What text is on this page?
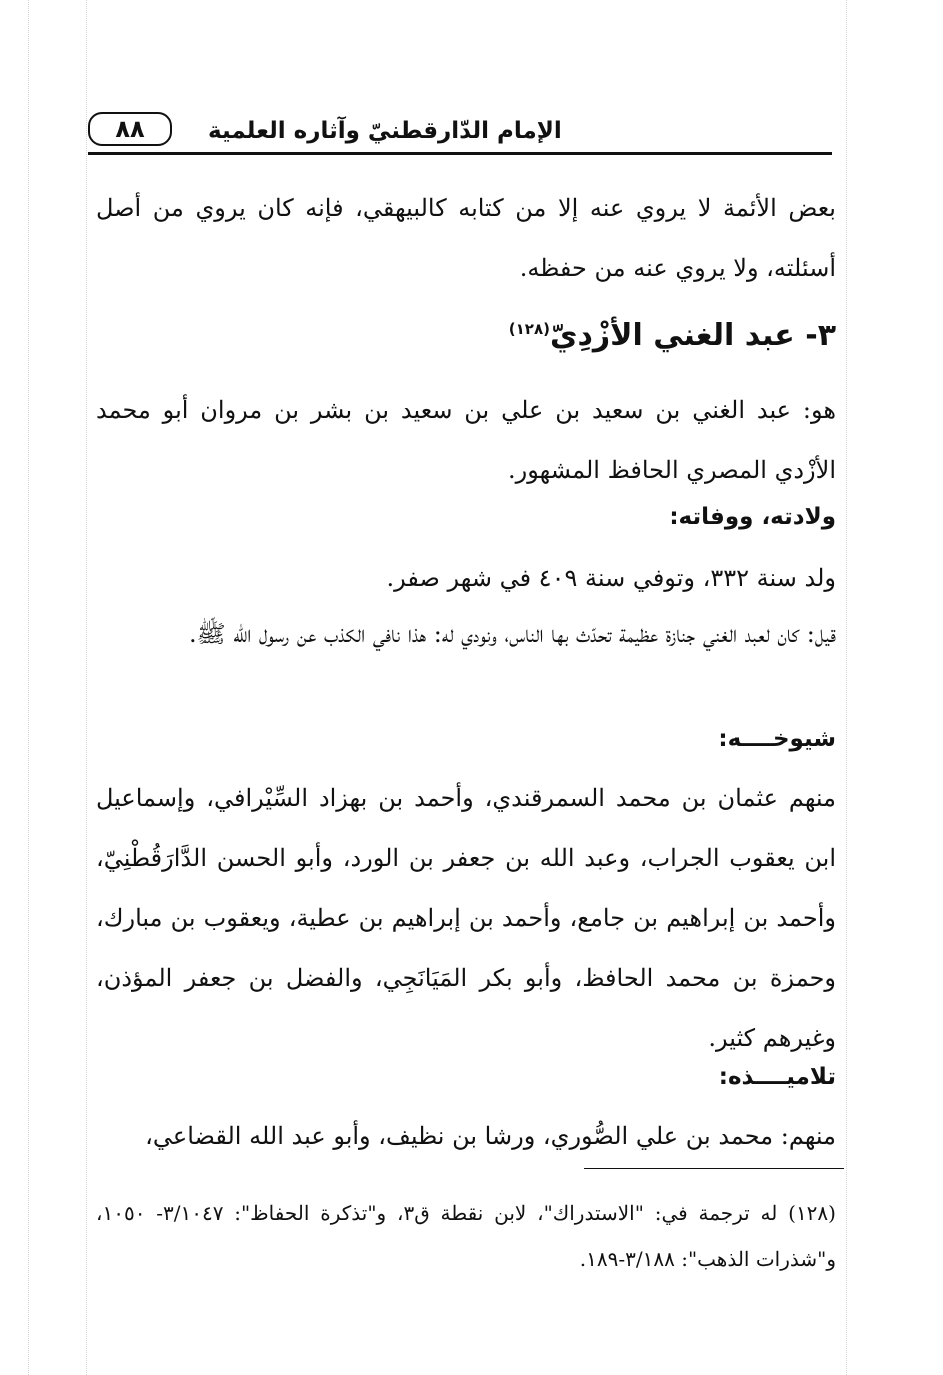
٨٨	الإمام الدّارقطنيّ وآثاره العلمية

بعض الأئمة لا يروي عنه إلا من كتابه كالبيهقي، فإنه كان يروي من أصل أسئلته، ولا يروي عنه من حفظه.

٣- عبد الغني الأزْدِيّ$^{(١٢٨)}$

هو: عبد الغني بن سعيد بن علي بن سعيد بن بشر بن مروان أبو محمد الأزْدي المصري الحافظ المشهور.

ولادته، ووفاته:

ولد سنة ٣٣٢، وتوفي سنة ٤٠٩ في شهر صفر.

قيل: كان لعبد الغني جنازة عظيمة تحدّث بها الناس، ونودي له: هذا نافي الكذب عن رسول الله ﷺ.

شيوخــــه:

منهم عثمان بن محمد السمرقندي، وأحمد بن بهزاد السِّيْرافي، وإسماعيل ابن يعقوب الجراب، وعبد الله بن جعفر بن الورد، وأبو الحسن الدَّارَقُطْنِيّ، وأحمد بن إبراهيم بن جامع، وأحمد بن إبراهيم بن عطية، ويعقوب بن مبارك، وحمزة بن محمد الحافظ، وأبو بكر المَيَانَجِي، والفضل بن جعفر المؤذن، وغيرهم كثير.

تلاميــــذه:

منهم: محمد بن علي الصُّوري، ورشا بن نظيف، وأبو عبد الله القضاعي،

(١٢٨) له ترجمة في: "الاستدراك"، لابن نقطة ق٣، و"تذكرة الحفاظ": ٣/١٠٤٧- ١٠٥٠، و"شذرات الذهب": ٣/١٨٨-١٨٩.
